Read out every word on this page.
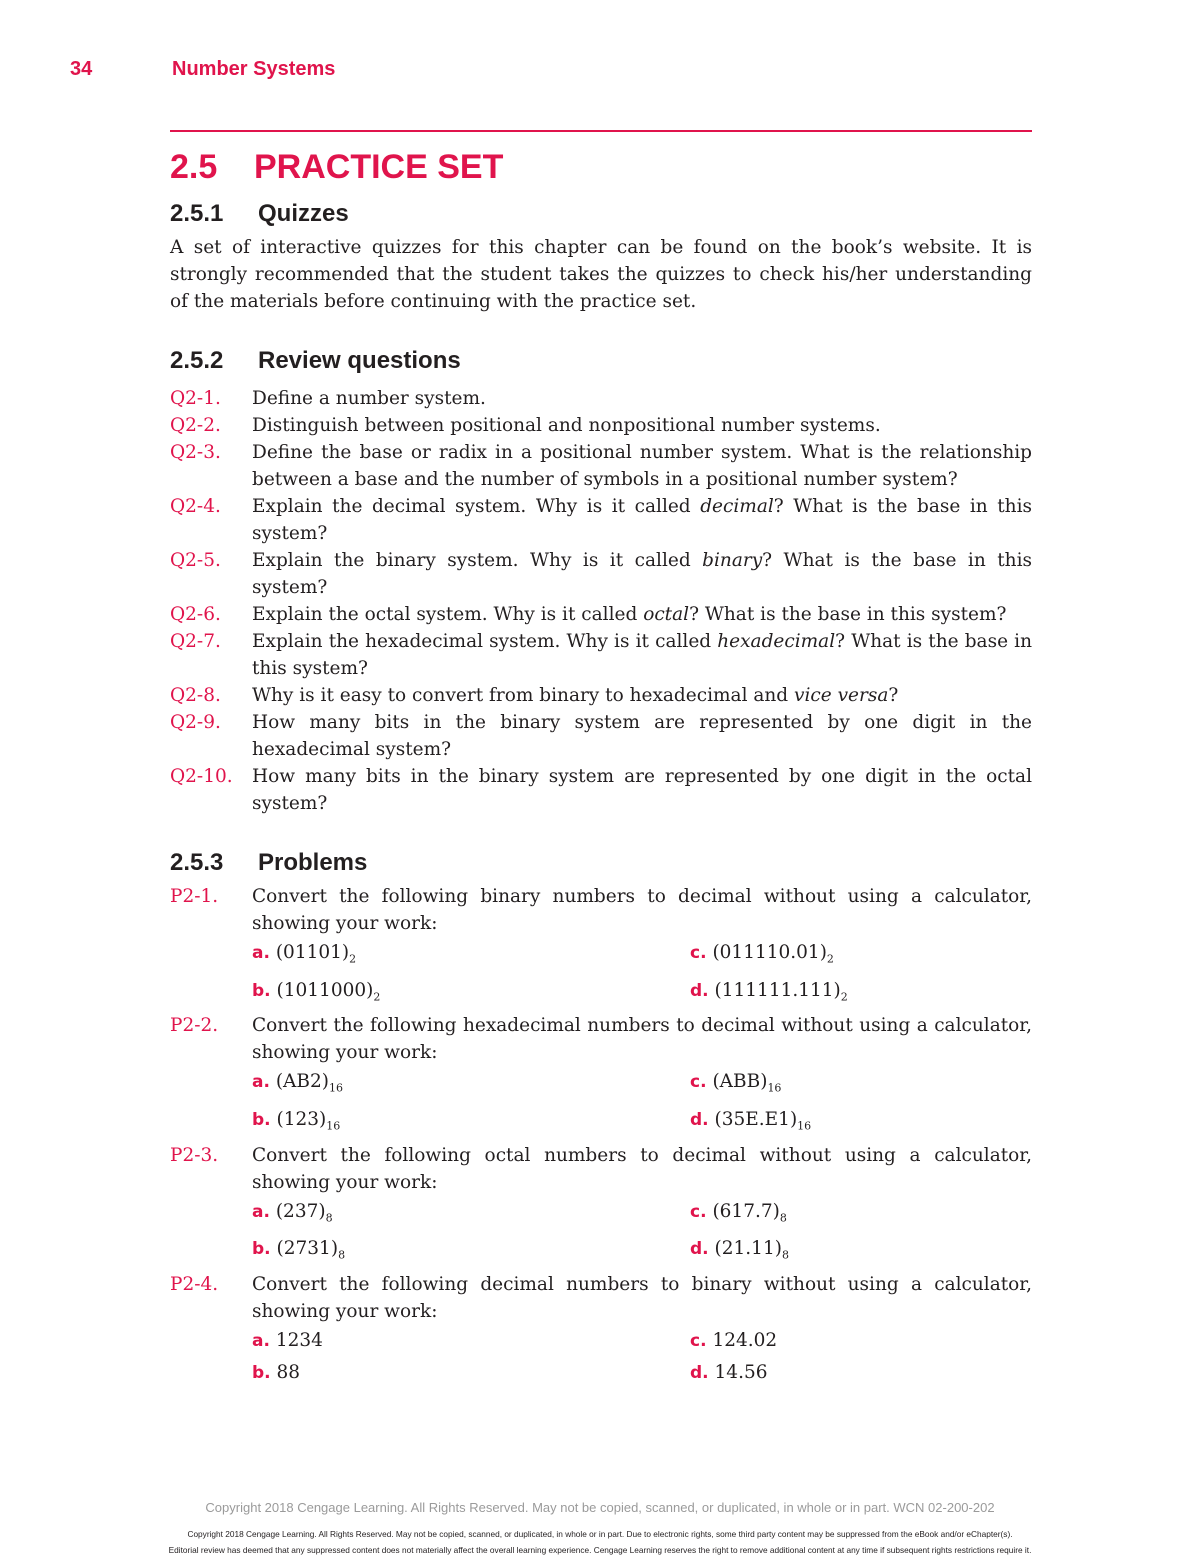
34	Number Systems
2.5 PRACTICE SET
2.5.1 Quizzes

A set of interactive quizzes for this chapter can be found on the book’s website. It is strongly recommended that the student takes the quizzes to check his/her understanding of the materials before continuing with the practice set.

2.5.2 Review questions
Q2-1.	Define a number system.
Q2-2.	Distinguish between positional and nonpositional number systems.
Q2-3.	Define the base or radix in a positional number system. What is the relationship between a base and the number of symbols in a positional number system?
Q2-4.	Explain the decimal system. Why is it called decimal? What is the base in this system?
Q2-5.	Explain the binary system. Why is it called binary? What is the base in this system?
Q2-6.	Explain the octal system. Why is it called octal? What is the base in this system?
Q2-7.	Explain the hexadecimal system. Why is it called hexadecimal? What is the base in this system?
Q2-8.	Why is it easy to convert from binary to hexadecimal and vice versa?
Q2-9.	How many bits in the binary system are represented by one digit in the hexadecimal system?
Q2-10.	How many bits in the binary system are represented by one digit in the octal system?
2.5.3 Problems
P2-1.	Convert the following binary numbers to decimal without using a calculator, showing your work:
a. $(01101)_2$	c. $(011110.01)_2$
b. $(1011000)_2$	d. $(111111.111)_2$
P2-2.	Convert the following hexadecimal numbers to decimal without using a calculator, showing your work:
a. $(AB2)_{16}$	c. $(ABB)_{16}$
b. $(123)_{16}$	d. $(35E.E1)_{16}$
P2-3.	Convert the following octal numbers to decimal without using a calculator, showing your work:
a. $(237)_8$	c. $(617.7)_8$
b. $(2731)_8$	d. $(21.11)_8$
P2-4.	Convert the following decimal numbers to binary without using a calculator, showing your work:
a. 1234	c. 124.02
b. 88	d. 14.56
Copyright 2018 Cengage Learning. All Rights Reserved. May not be copied, scanned, or duplicated, in whole or in part. WCN 02-200-202
Copyright 2018 Cengage Learning. All Rights Reserved. May not be copied, scanned, or duplicated, in whole or in part. Due to electronic rights, some third party content may be suppressed from the eBook and/or eChapter(s).
Editorial review has deemed that any suppressed content does not materially affect the overall learning experience. Cengage Learning reserves the right to remove additional content at any time if subsequent rights restrictions require it.
